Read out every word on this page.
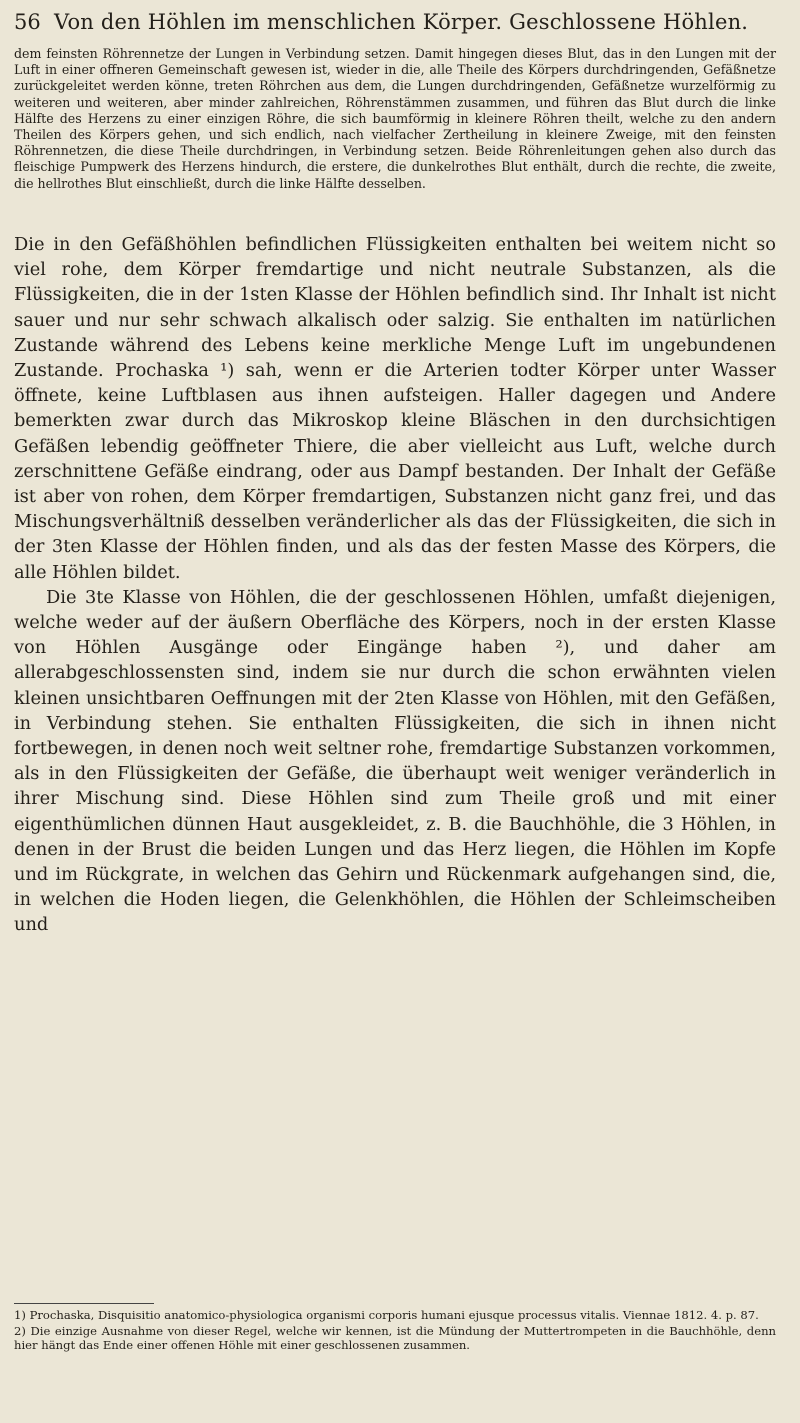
56 Von den Höhlen im menschlichen Körper. Geschlossene Höhlen.

dem feinsten Röhrennetze der Lungen in Verbindung setzen. Damit hingegen dieses Blut, das in den Lungen mit der Luft in einer offneren Gemeinschaft gewesen ist, wieder in die, alle Theile des Körpers durchdringenden, Gefäßnetze zurückgeleitet werden könne, treten Röhrchen aus dem, die Lungen durchdringenden, Gefäßnetze wurzelförmig zu weiteren und weiteren, aber minder zahlreichen, Röhrenstämmen zusammen, und führen das Blut durch die linke Hälfte des Herzens zu einer einzigen Röhre, die sich baumförmig in kleinere Röhren theilt, welche zu den andern Theilen des Körpers gehen, und sich endlich, nach vielfacher Zertheilung in kleinere Zweige, mit den feinsten Röhrennetzen, die diese Theile durchdringen, in Verbindung setzen. Beide Röhrenleitungen gehen also durch das fleischige Pumpwerk des Herzens hindurch, die erstere, die dunkelrothes Blut enthält, durch die rechte, die zweite, die hellrothes Blut einschließt, durch die linke Hälfte desselben.

Die in den Gefäßhöhlen befindlichen Flüssigkeiten enthalten bei weitem nicht so viel rohe, dem Körper fremdartige und nicht neutrale Substanzen, als die Flüssigkeiten, die in der 1sten Klasse der Höhlen befindlich sind. Ihr Inhalt ist nicht sauer und nur sehr schwach alkalisch oder salzig. Sie enthalten im natürlichen Zustande während des Lebens keine merkliche Menge Luft im ungebundenen Zustande. Prochaska ¹) sah, wenn er die Arterien todter Körper unter Wasser öffnete, keine Luftblasen aus ihnen aufsteigen. Haller dagegen und Andere bemerkten zwar durch das Mikroskop kleine Bläschen in den durchsichtigen Gefäßen lebendig geöffneter Thiere, die aber vielleicht aus Luft, welche durch zerschnittene Gefäße eindrang, oder aus Dampf bestanden. Der Inhalt der Gefäße ist aber von rohen, dem Körper fremdartigen, Substanzen nicht ganz frei, und das Mischungsverhältniß desselben veränderlicher als das der Flüssigkeiten, die sich in der 3ten Klasse der Höhlen finden, und als das der festen Masse des Körpers, die alle Höhlen bildet.

Die 3te Klasse von Höhlen, die der geschlossenen Höhlen, umfaßt diejenigen, welche weder auf der äußern Oberfläche des Körpers, noch in der ersten Klasse von Höhlen Ausgänge oder Eingänge haben ²), und daher am allerabgeschlossensten sind, indem sie nur durch die schon erwähnten vielen kleinen unsichtbaren Oeffnungen mit der 2ten Klasse von Höhlen, mit den Gefäßen, in Verbindung stehen. Sie enthalten Flüssigkeiten, die sich in ihnen nicht fortbewegen, in denen noch weit seltner rohe, fremdartige Substanzen vorkommen, als in den Flüssigkeiten der Gefäße, die überhaupt weit weniger veränderlich in ihrer Mischung sind. Diese Höhlen sind zum Theile groß und mit einer eigenthümlichen dünnen Haut ausgekleidet, z. B. die Bauchhöhle, die 3 Höhlen, in denen in der Brust die beiden Lungen und das Herz liegen, die Höhlen im Kopfe und im Rückgrate, in welchen das Gehirn und Rückenmark aufgehangen sind, die, in welchen die Hoden liegen, die Gelenkhöhlen, die Höhlen der Schleimscheiben und

1) Prochaska, Disquisitio anatomico-physiologica organismi corporis humani ejusque processus vitalis. Viennae 1812. 4. p. 87.
2) Die einzige Ausnahme von dieser Regel, welche wir kennen, ist die Mündung der Muttertrompeten in die Bauchhöhle, denn hier hängt das Ende einer offenen Höhle mit einer geschlossenen zusammen.
